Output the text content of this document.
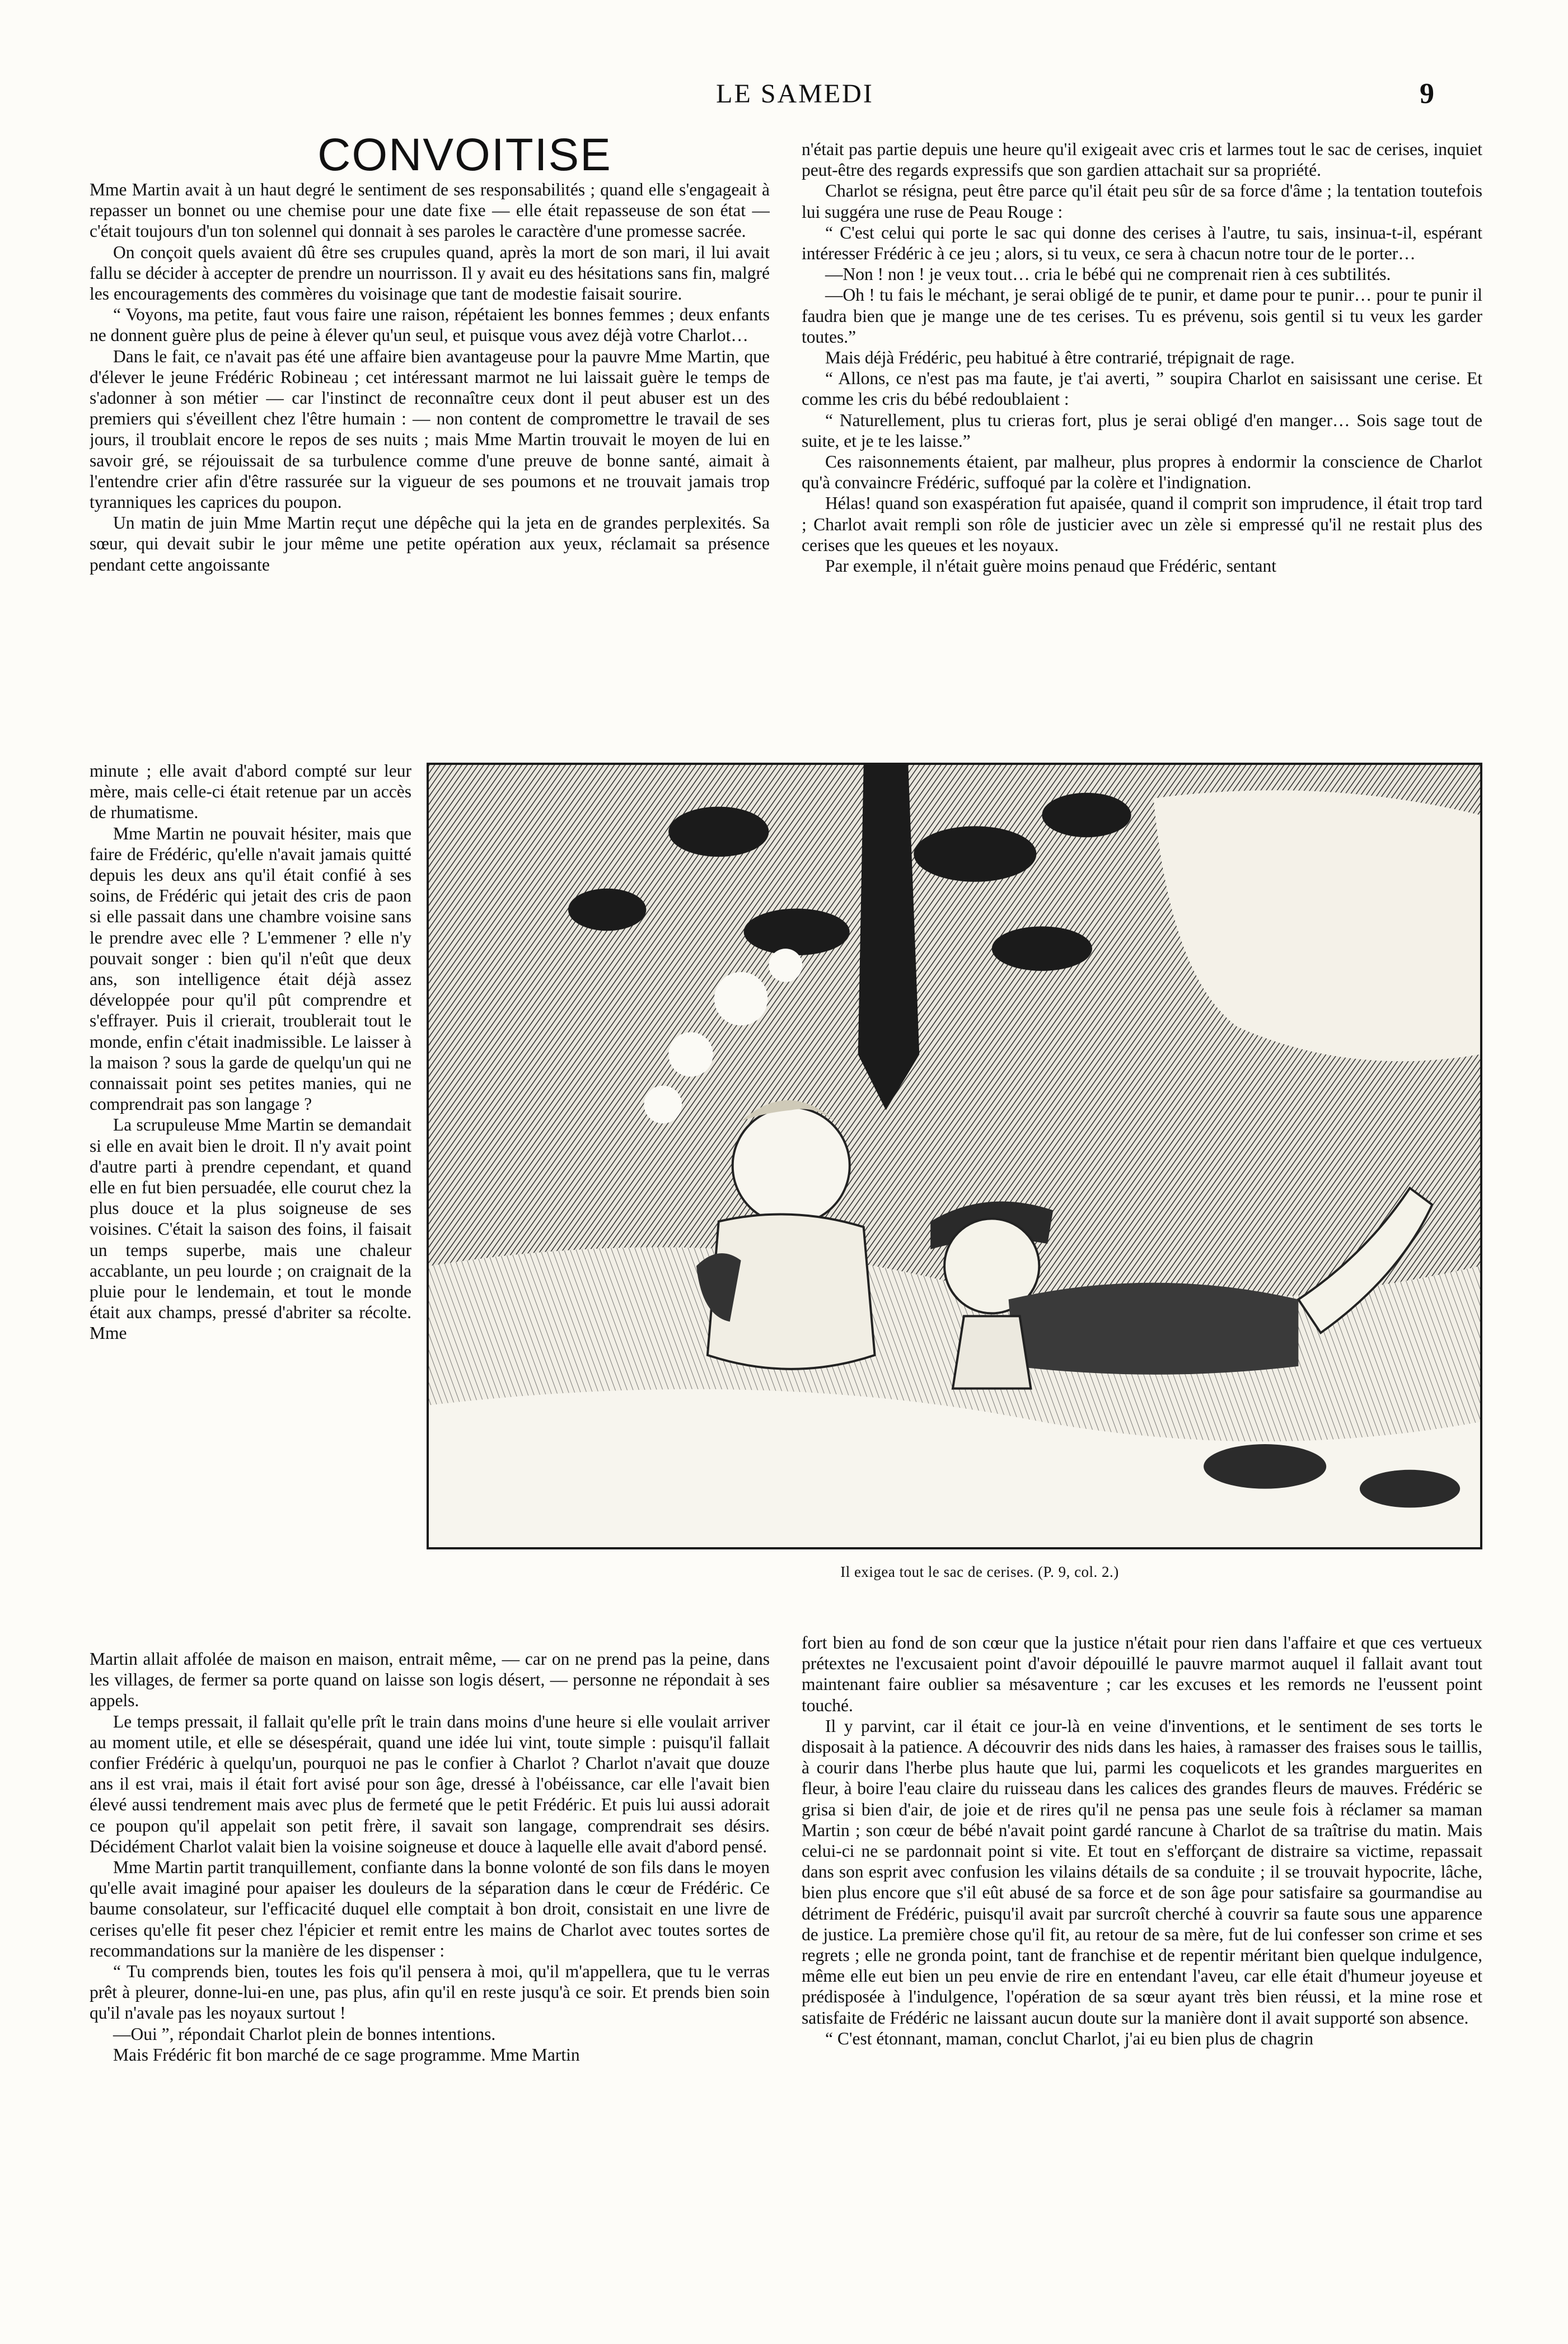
LE SAMEDI	9
CONVOITISE

Mme Martin avait à un haut degré le sentiment de ses responsabilités ; quand elle s'engageait à repasser un bonnet ou une chemise pour une date fixe — elle était repasseuse de son état — c'était toujours d'un ton solennel qui donnait à ses paroles le caractère d'une promesse sacrée.

On conçoit quels avaient dû être ses crupules quand, après la mort de son mari, il lui avait fallu se décider à accepter de prendre un nourrisson. Il y avait eu des hésitations sans fin, malgré les encouragements des commères du voisinage que tant de modestie faisait sourire.

“ Voyons, ma petite, faut vous faire une raison, répétaient les bonnes femmes ; deux enfants ne donnent guère plus de peine à élever qu'un seul, et puisque vous avez déjà votre Charlot…

Dans le fait, ce n'avait pas été une affaire bien avantageuse pour la pauvre Mme Martin, que d'élever le jeune Frédéric Robineau ; cet intéressant marmot ne lui laissait guère le temps de s'adonner à son métier — car l'instinct de reconnaître ceux dont il peut abuser est un des premiers qui s'éveillent chez l'être humain : — non content de compromettre le travail de ses jours, il troublait encore le repos de ses nuits ; mais Mme Martin trouvait le moyen de lui en savoir gré, se réjouissait de sa turbulence comme d'une preuve de bonne santé, aimait à l'entendre crier afin d'être rassurée sur la vigueur de ses poumons et ne trouvait jamais trop tyranniques les caprices du poupon.

Un matin de juin Mme Martin reçut une dépêche qui la jeta en de grandes perplexités. Sa sœur, qui devait subir le jour même une petite opération aux yeux, réclamait sa présence pendant cette angoissante

minute ; elle avait d'abord compté sur leur mère, mais celle-ci était retenue par un accès de rhumatisme.

Mme Martin ne pouvait hésiter, mais que faire de Frédéric, qu'elle n'avait jamais quitté depuis les deux ans qu'il était confié à ses soins, de Frédéric qui jetait des cris de paon si elle passait dans une chambre voisine sans le prendre avec elle ? L'emmener ? elle n'y pouvait songer : bien qu'il n'eût que deux ans, son intelligence était déjà assez développée pour qu'il pût comprendre et s'effrayer. Puis il crierait, troublerait tout le monde, enfin c'était inadmissible. Le laisser à la maison ? sous la garde de quelqu'un qui ne connaissait point ses petites manies, qui ne comprendrait pas son langage ?

La scrupuleuse Mme Martin se demandait si elle en avait bien le droit. Il n'y avait point d'autre parti à prendre cependant, et quand elle en fut bien persuadée, elle courut chez la plus douce et la plus soigneuse de ses voisines. C'était la saison des foins, il faisait un temps superbe, mais une chaleur accablante, un peu lourde ; on craignait de la pluie pour le lendemain, et tout le monde était aux champs, pressé d'abriter sa récolte. Mme

Martin allait affolée de maison en maison, entrait même, — car on ne prend pas la peine, dans les villages, de fermer sa porte quand on laisse son logis désert, — personne ne répondait à ses appels.

Le temps pressait, il fallait qu'elle prît le train dans moins d'une heure si elle voulait arriver au moment utile, et elle se désespérait, quand une idée lui vint, toute simple : puisqu'il fallait confier Frédéric à quelqu'un, pourquoi ne pas le confier à Charlot ? Charlot n'avait que douze ans il est vrai, mais il était fort avisé pour son âge, dressé à l'obéissance, car elle l'avait bien élevé aussi tendrement mais avec plus de fermeté que le petit Frédéric. Et puis lui aussi adorait ce poupon qu'il appelait son petit frère, il savait son langage, comprendrait ses désirs. Décidément Charlot valait bien la voisine soigneuse et douce à laquelle elle avait d'abord pensé.

Mme Martin partit tranquillement, confiante dans la bonne volonté de son fils dans le moyen qu'elle avait imaginé pour apaiser les douleurs de la séparation dans le cœur de Frédéric. Ce baume consolateur, sur l'efficacité duquel elle comptait à bon droit, consistait en une livre de cerises qu'elle fit peser chez l'épicier et remit entre les mains de Charlot avec toutes sortes de recommandations sur la manière de les dispenser :

“ Tu comprends bien, toutes les fois qu'il pensera à moi, qu'il m'appellera, que tu le verras prêt à pleurer, donne-lui-en une, pas plus, afin qu'il en reste jusqu'à ce soir. Et prends bien soin qu'il n'avale pas les noyaux surtout !

—Oui ”, répondait Charlot plein de bonnes intentions.

Mais Frédéric fit bon marché de ce sage programme. Mme Martin

n'était pas partie depuis une heure qu'il exigeait avec cris et larmes tout le sac de cerises, inquiet peut-être des regards expressifs que son gardien attachait sur sa propriété.

Charlot se résigna, peut être parce qu'il était peu sûr de sa force d'âme ; la tentation toutefois lui suggéra une ruse de Peau Rouge :

“ C'est celui qui porte le sac qui donne des cerises à l'autre, tu sais, insinua-t-il, espérant intéresser Frédéric à ce jeu ; alors, si tu veux, ce sera à chacun notre tour de le porter…

—Non ! non ! je veux tout… cria le bébé qui ne comprenait rien à ces subtilités.

—Oh ! tu fais le méchant, je serai obligé de te punir, et dame pour te punir… pour te punir il faudra bien que je mange une de tes cerises. Tu es prévenu, sois gentil si tu veux les garder toutes.”

Mais déjà Frédéric, peu habitué à être contrarié, trépignait de rage.

“ Allons, ce n'est pas ma faute, je t'ai averti, ” soupira Charlot en saisissant une cerise. Et comme les cris du bébé redoublaient :

“ Naturellement, plus tu crieras fort, plus je serai obligé d'en manger… Sois sage tout de suite, et je te les laisse.”

Ces raisonnements étaient, par malheur, plus propres à endormir la conscience de Charlot qu'à convaincre Frédéric, suffoqué par la colère et l'indignation.

Hélas! quand son exaspération fut apaisée, quand il comprit son imprudence, il était trop tard ; Charlot avait rempli son rôle de justicier avec un zèle si empressé qu'il ne restait plus des cerises que les queues et les noyaux.

Par exemple, il n'était guère moins penaud que Frédéric, sentant

Il exigea tout le sac de cerises. (P. 9, col. 2.)

fort bien au fond de son cœur que la justice n'était pour rien dans l'affaire et que ces vertueux prétextes ne l'excusaient point d'avoir dépouillé le pauvre marmot auquel il fallait avant tout maintenant faire oublier sa mésaventure ; car les excuses et les remords ne l'eussent point touché.

Il y parvint, car il était ce jour-là en veine d'inventions, et le sentiment de ses torts le disposait à la patience. A découvrir des nids dans les haies, à ramasser des fraises sous le taillis, à courir dans l'herbe plus haute que lui, parmi les coquelicots et les grandes marguerites en fleur, à boire l'eau claire du ruisseau dans les calices des grandes fleurs de mauves. Frédéric se grisa si bien d'air, de joie et de rires qu'il ne pensa pas une seule fois à réclamer sa maman Martin ; son cœur de bébé n'avait point gardé rancune à Charlot de sa traîtrise du matin. Mais celui-ci ne se pardonnait point si vite. Et tout en s'efforçant de distraire sa victime, repassait dans son esprit avec confusion les vilains détails de sa conduite ; il se trouvait hypocrite, lâche, bien plus encore que s'il eût abusé de sa force et de son âge pour satisfaire sa gourmandise au détriment de Frédéric, puisqu'il avait par surcroît cherché à couvrir sa faute sous une apparence de justice. La première chose qu'il fit, au retour de sa mère, fut de lui confesser son crime et ses regrets ; elle ne gronda point, tant de franchise et de repentir méritant bien quelque indulgence, même elle eut bien un peu envie de rire en entendant l'aveu, car elle était d'humeur joyeuse et prédisposée à l'indulgence, l'opération de sa sœur ayant très bien réussi, et la mine rose et satisfaite de Frédéric ne laissant aucun doute sur la manière dont il avait supporté son absence.

“ C'est étonnant, maman, conclut Charlot, j'ai eu bien plus de chagrin
